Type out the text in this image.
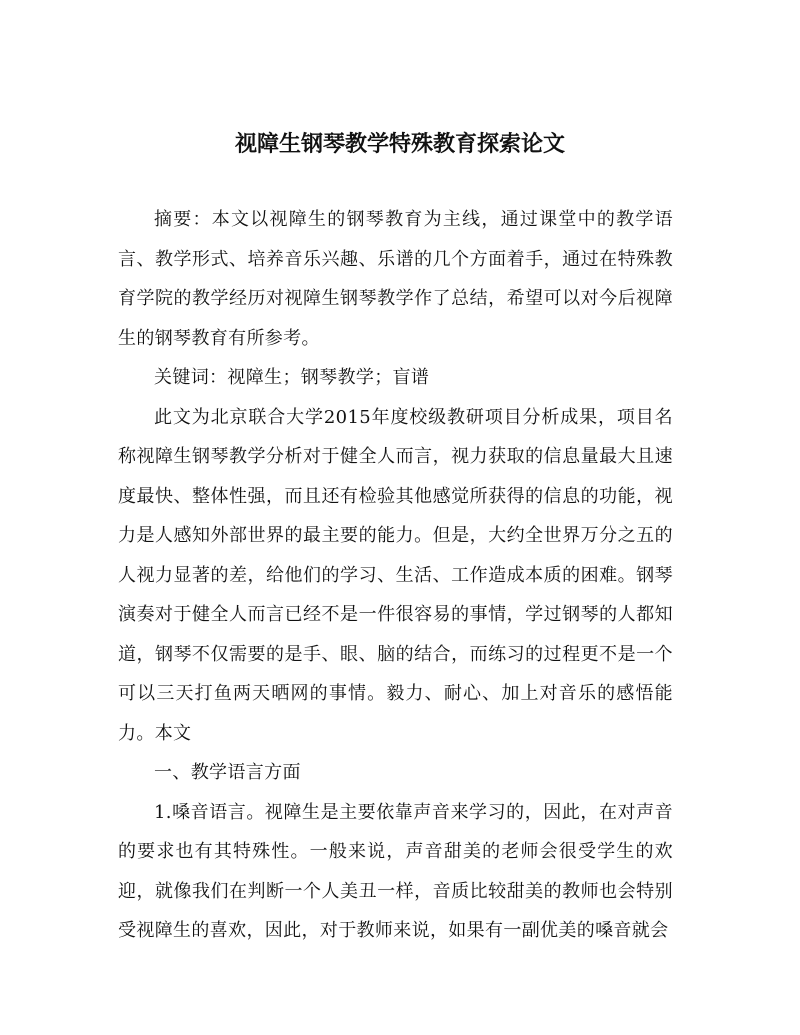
视障生钢琴教学特殊教育探索论文

摘要：本文以视障生的钢琴教育为主线，通过课堂中的教学语言、教学形式、培养音乐兴趣、乐谱的几个方面着手，通过在特殊教育学院的教学经历对视障生钢琴教学作了总结，希望可以对今后视障生的钢琴教育有所参考。

关键词：视障生；钢琴教学；盲谱

此文为北京联合大学2015年度校级教研项目分析成果，项目名称视障生钢琴教学分析对于健全人而言，视力获取的信息量最大且速度最快、整体性强，而且还有检验其他感觉所获得的信息的功能，视力是人感知外部世界的最主要的能力。但是，大约全世界万分之五的人视力显著的差，给他们的学习、生活、工作造成本质的困难。钢琴演奏对于健全人而言已经不是一件很容易的事情，学过钢琴的人都知道，钢琴不仅需要的是手、眼、脑的结合，而练习的过程更不是一个可以三天打鱼两天晒网的事情。毅力、耐心、加上对音乐的感悟能力。本文

一、教学语言方面

1.嗓音语言。视障生是主要依靠声音来学习的，因此，在对声音的要求也有其特殊性。一般来说，声音甜美的老师会很受学生的欢迎，就像我们在判断一个人美丑一样，音质比较甜美的教师也会特别受视障生的喜欢，因此，对于教师来说，如果有一副优美的嗓音就会
